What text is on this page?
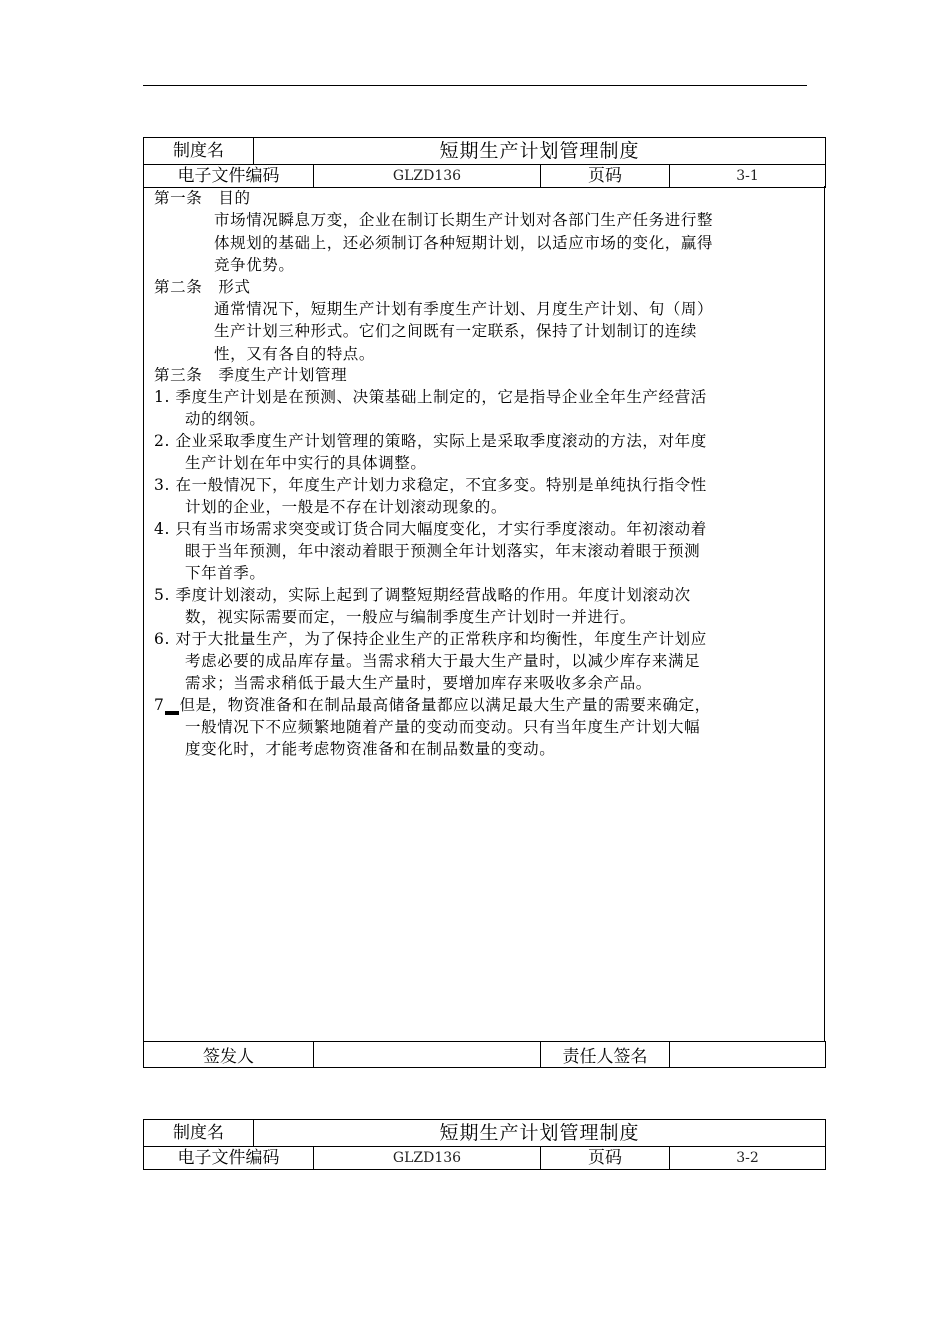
制度名	短期生产计划管理制度			
电子文件编码		GLZD136	页码	3-1
第一条　目的
市场情况瞬息万变，企业在制订长期生产计划对各部门生产任务进行整
体规划的基础上，还必须制订各种短期计划，以适应市场的变化，赢得
竞争优势。
第二条　形式
通常情况下，短期生产计划有季度生产计划、月度生产计划、旬（周）
生产计划三种形式。它们之间既有一定联系，保持了计划制订的连续
性，又有各自的特点。
第三条　季度生产计划管理
1. 季度生产计划是在预测、决策基础上制定的，它是指导企业全年生产经营活
动的纲领。
2. 企业采取季度生产计划管理的策略，实际上是采取季度滚动的方法，对年度
生产计划在年中实行的具体调整。
3. 在一般情况下，年度生产计划力求稳定，不宜多变。特别是单纯执行指令性
计划的企业，一般是不存在计划滚动现象的。
4. 只有当市场需求突变或订货合同大幅度变化，才实行季度滚动。年初滚动着
眼于当年预测，年中滚动着眼于预测全年计划落实，年末滚动着眼于预测
下年首季。
5. 季度计划滚动，实际上起到了调整短期经营战略的作用。年度计划滚动次
数，视实际需要而定，一般应与编制季度生产计划时一并进行。
6. 对于大批量生产，为了保持企业生产的正常秩序和均衡性，年度生产计划应
考虑必要的成品库存量。当需求稍大于最大生产量时，以减少库存来满足
需求；当需求稍低于最大生产量时，要增加库存来吸收多余产品。
7 但是，物资准备和在制品最高储备量都应以满足最大生产量的需要来确定，
一般情况下不应频繁地随着产量的变动而变动。只有当年度生产计划大幅
度变化时，才能考虑物资准备和在制品数量的变动。
签发人		责任人签名	
制度名	短期生产计划管理制度			
电子文件编码		GLZD136	页码	3-2
